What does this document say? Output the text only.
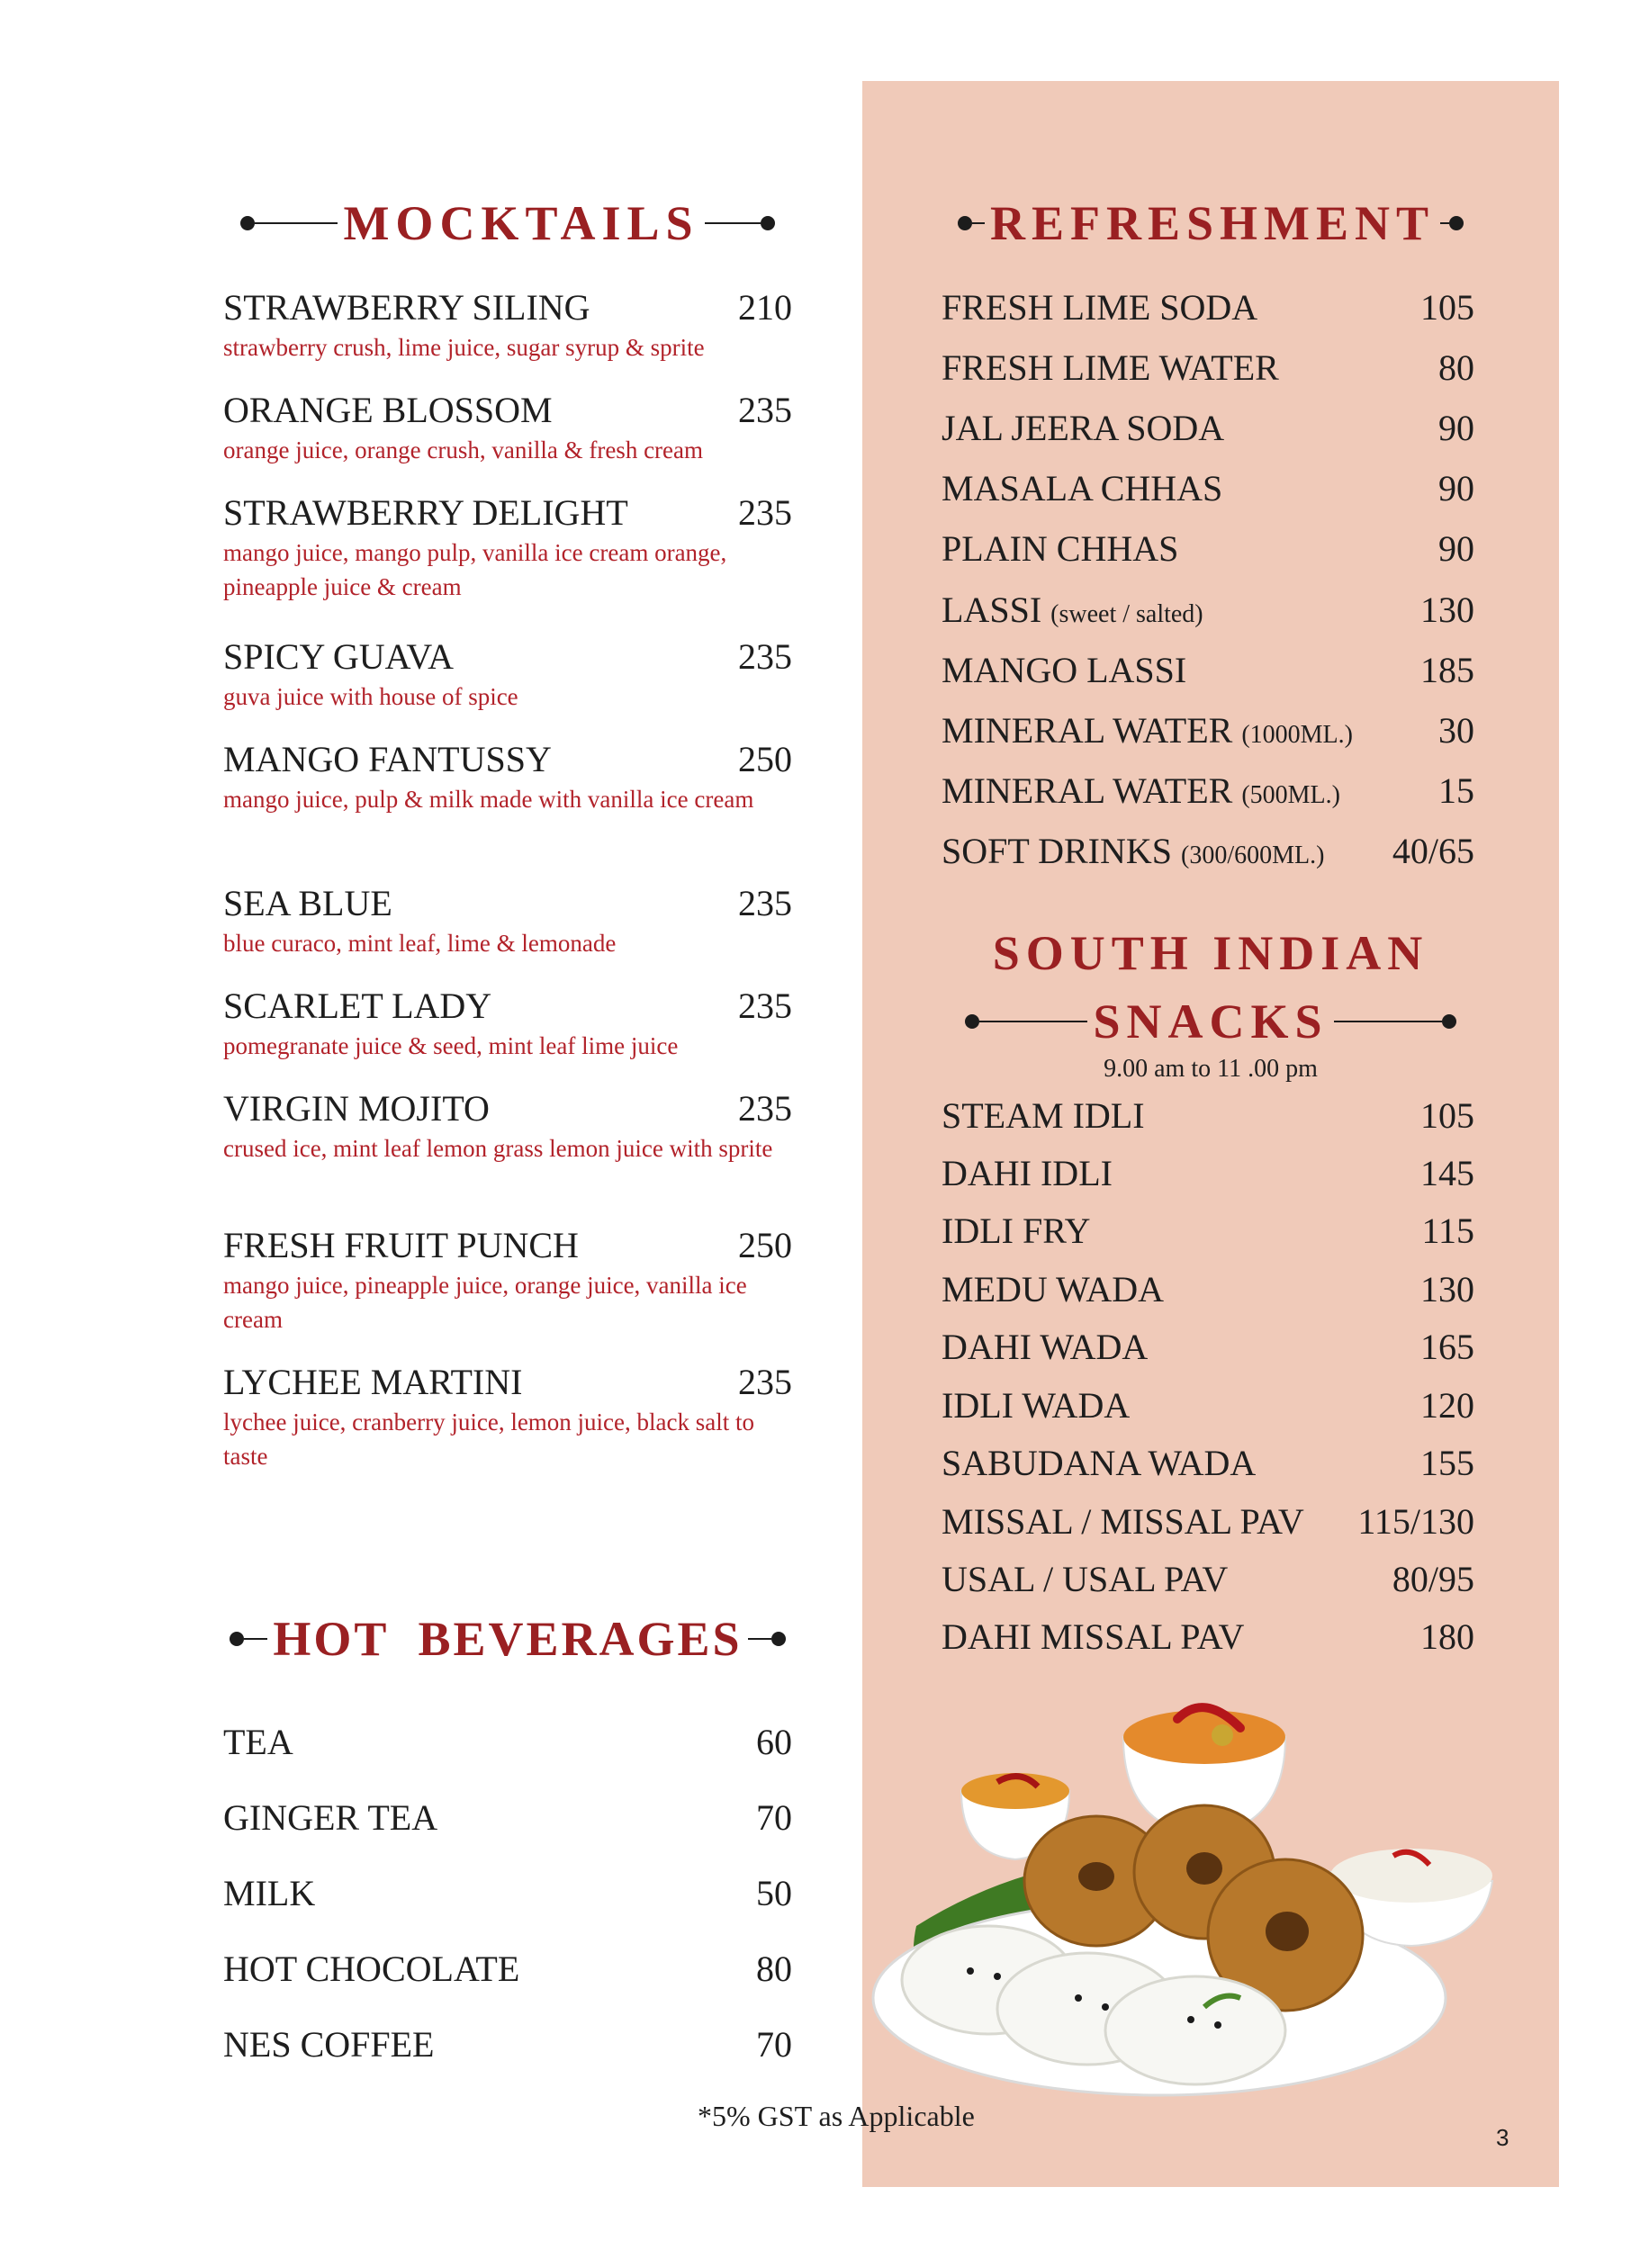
MOCKTAILS
STRAWBERRY SILING	210
strawberry crush, lime juice, sugar syrup & sprite
ORANGE BLOSSOM	235
orange juice, orange crush, vanilla & fresh cream
STRAWBERRY DELIGHT	235
mango juice, mango pulp, vanilla ice cream orange, pineapple juice & cream
SPICY GUAVA	235
guva juice with house of spice
MANGO FANTUSSY	250
mango juice, pulp & milk made with vanilla ice cream
SEA BLUE	235
blue curaco, mint leaf, lime & lemonade
SCARLET LADY	235
pomegranate juice & seed, mint leaf lime juice
VIRGIN MOJITO	235
crused ice, mint leaf lemon grass lemon juice with sprite
FRESH FRUIT PUNCH	250
mango juice, pineapple juice, orange juice, vanilla ice cream
LYCHEE MARTINI	235
lychee juice, cranberry juice, lemon juice, black salt to taste
HOT  BEVERAGES
TEA	60
GINGER TEA	70
MILK	50
HOT CHOCOLATE	80
NES COFFEE	70
REFRESHMENT
FRESH LIME SODA	105
FRESH LIME WATER	80
JAL JEERA SODA	90
MASALA CHHAS	90
PLAIN CHHAS	90
LASSI (sweet / salted)	130
MANGO LASSI	185
MINERAL WATER (1000ML.) 30
MINERAL WATER (500ML.)	15
SOFT DRINKS (300/600ML.) 40/65
SOUTH INDIAN
SNACKS
9.00 am to 11 .00 pm
STEAM IDLI	105
DAHI IDLI	145
IDLI FRY	115
MEDU WADA	130
DAHI WADA	165
IDLI WADA	120
SABUDANA WADA	155
MISSAL / MISSAL PAV 115/130
USAL / USAL PAV	80/95
DAHI MISSAL PAV	180
*5% GST as Applicable
3
